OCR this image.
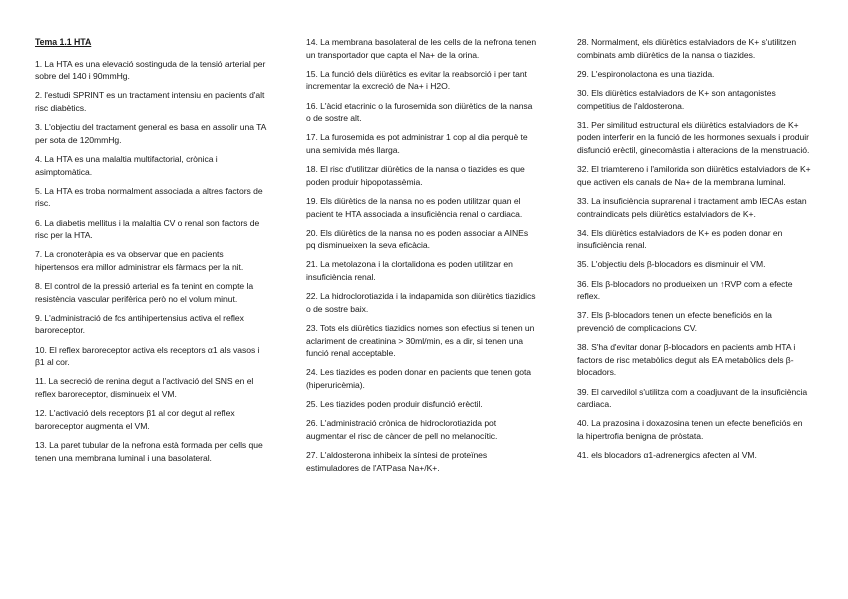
Tema 1.1 HTA

1. La HTA es una elevació sostinguda de la tensió arterial per sobre del 140 i 90mmHg.

2. l'estudi SPRINT es un tractament intensiu en pacients d'alt risc diabètics.

3. L'objectiu del tractament general es basa en assolir una TA per sota de 120mmHg.

4. La HTA es una malaltia multifactorial, crònica i asimptomàtica.

5. La HTA es troba normalment associada a altres factors de risc.

6. La diabetis mellitus i la malaltia CV o renal son factors de risc per la HTA.

7. La cronoteràpia es va observar que en pacients hipertensos era millor administrar els fàrmacs per la nit.

8. El control de la pressió arterial es fa tenint en compte la resistència vascular perifèrica però no el volum minut.

9. L'administració de fcs antihipertensius activa el reflex baroreceptor.

10. El reflex baroreceptor activa els receptors α1 als vasos i β1 al cor.

11. La secreció de renina degut a l'activació del SNS en el reflex baroreceptor, disminueix el VM.

12. L'activació dels receptors β1 al cor degut al reflex baroreceptor augmenta el VM.

13. La paret tubular de la nefrona està formada per cells que tenen una membrana luminal i una basolateral.

14. La membrana basolateral de les cells de la nefrona tenen un transportador que capta el Na+ de la orina.

15. La funció dels diürètics es evitar la reabsorció i per tant incrementar la excreció de Na+ i H2O.

16. L'àcid etacrinic o la furosemida son diürètics de la nansa o de sostre alt.

17. La furosemida es pot administrar 1 cop al dia perquè te una semivida més llarga.

18. El risc d'utilitzar diürètics de la nansa o tiazides es que poden produir hipopotassèmia.

19. Els diürètics de la nansa no es poden utilitzar quan el pacient te HTA associada a insuficiència renal o cardiaca.

20. Els diürètics de la nansa no es poden associar a AINEs pq disminueixen la seva eficàcia.

21. La metolazona i la clortalidona es poden utilitzar en insuficiència renal.

22. La hidroclorotiazida i la indapamida son diürètics tiazidics o de sostre baix.

23. Tots els diürètics tiazidics nomes son efectius si tenen un aclariment de creatinina > 30ml/min, es a dir, si tenen una funció renal acceptable.

24. Les tiazides es poden donar en pacients que tenen gota (hiperuricèmia).

25. Les tiazides poden produir disfunció erèctil.

26. L'administració crònica de hidroclorotiazida pot augmentar el risc de càncer de pell no melanocític.

27. L'aldosterona inhibeix la síntesi de proteïnes estimuladores de l'ATPasa Na+/K+.

28. Normalment, els diürètics estalviadors de K+ s'utilitzen combinats amb diürètics de la nansa o tiazides.

29. L'espironolactona es una tiazida.

30. Els diürètics estalviadors de K+ son antagonistes competitius de l'aldosterona.

31. Per similitud estructural els diürètics estalviadors de K+ poden interferir en la funció de les hormones sexuals i produir disfunció erèctil, ginecomàstia i alteracions de la menstruació.

32. El triamterenо i l'amilorida son diürètics estalviadors de K+ que activen els canals de Na+ de la membrana luminal.

33. La insuficiència suprarenal i tractament amb IECAs estan contraindicats pels diürètics estalviadors de K+.

34. Els diürètics estalviadors de K+ es poden donar en insuficiència renal.

35. L'objectiu dels β-blocadors es disminuir el VM.

36. Els β-blocadors no produeixen un ↑RVP com a efecte reflex.

37. Els β-blocadors tenen un efecte beneficiós en la prevenció de complicacions CV.

38. S'ha d'evitar donar β-blocadors en pacients amb HTA i factors de risc metabòlics degut als EA metabòlics dels β-blocadors.

39. El carvedilol s'utilitza com a coadjuvant de la insuficiència cardiaca.

40. La prazosina i doxazosina tenen un efecte beneficiós en la hipertrofia benigna de pròstata.

41. els blocadors α1-adrenergics afecten al VM.
